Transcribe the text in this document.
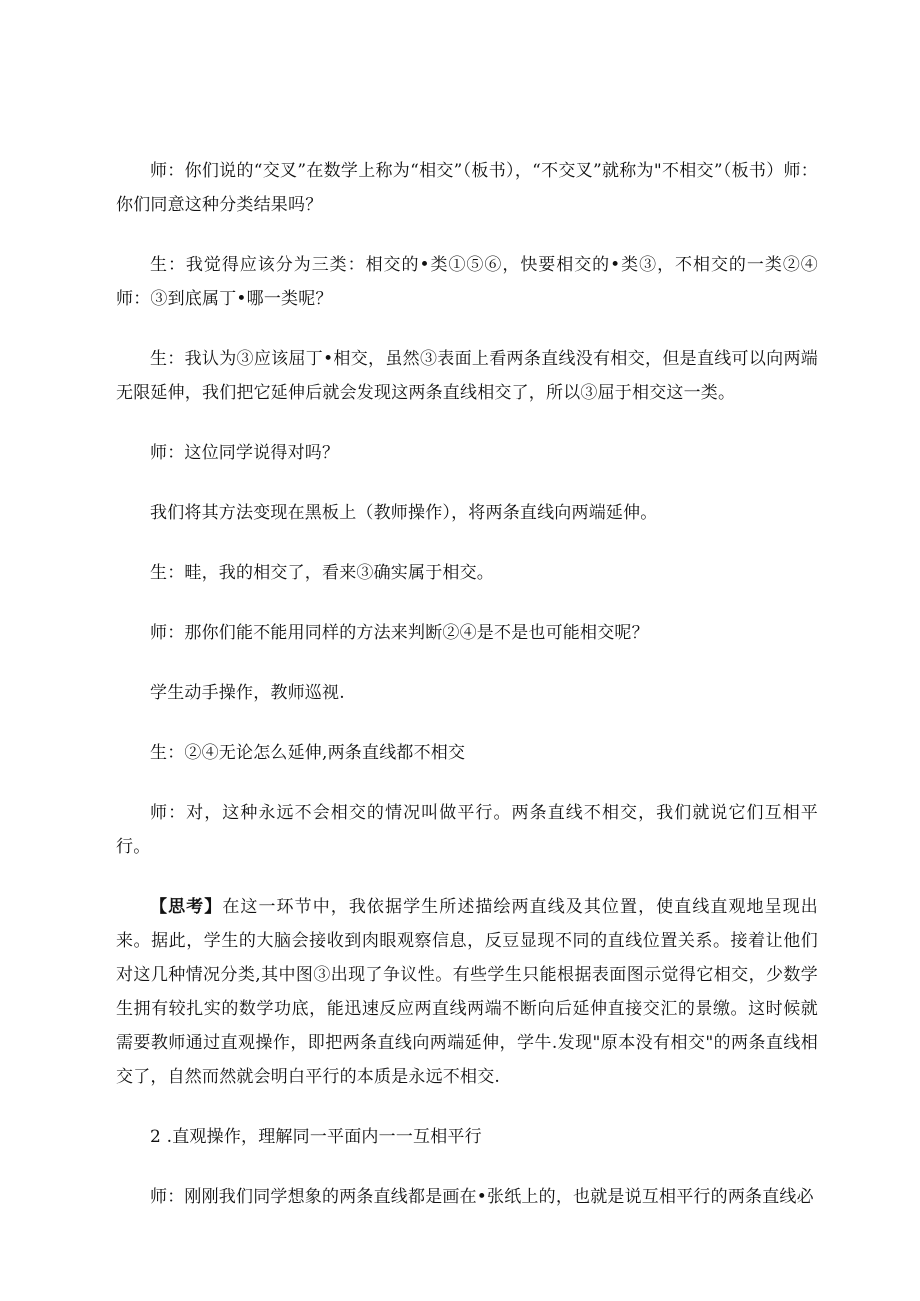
师：你们说的“交叉”在数学上称为“相交”（板书），“不交叉”就称为"不相交”（板书）师：你们同意这种分类结果吗？

生：我觉得应该分为三类：相交的•类①⑤⑥，快要相交的•类③，不相交的一类②④师：③到底属丁•哪一类呢？

生：我认为③应该屈丁•相交，虽然③表面上看两条直线没有相交，但是直线可以向两端无限延伸，我们把它延伸后就会发现这两条直线相交了，所以③屈于相交这一类。

师：这位同学说得对吗？

我们将其方法变现在黑板上（教师操作），将两条直线向两端延伸。

生：畦，我的相交了，看来③确实属于相交。

师：那你们能不能用同样的方法来判断②④是不是也可能相交呢？

学生动手操作，教师巡视.

生：②④无论怎么延伸,两条直线都不相交

师：对，这种永远不会相交的情况叫做平行。两条直线不相交，我们就说它们互相平行。

【思考】在这一环节中，我依据学生所述描绘两直线及其位置，使直线直观地呈现出来。据此，学生的大脑会接收到肉眼观察信息，反豆显现不同的直线位置关系。接着让他们对这几种情况分类,其中图③出现了争议性。有些学生只能根据表面图示觉得它相交，少数学生拥有较扎实的数学功底，能迅速反应两直线两端不断向后延伸直接交汇的景缴。这时候就需要教师通过直观操作，即把两条直线向两端延伸，学牛.发现"原本没有相交"的两条直线相交了，自然而然就会明白平行的本质是永远不相交.

2 .直观操作，理解同一平面内一一互相平行

师：刚刚我们同学想象的两条直线都是画在•张纸上的，也就是说互相平行的两条直线必
